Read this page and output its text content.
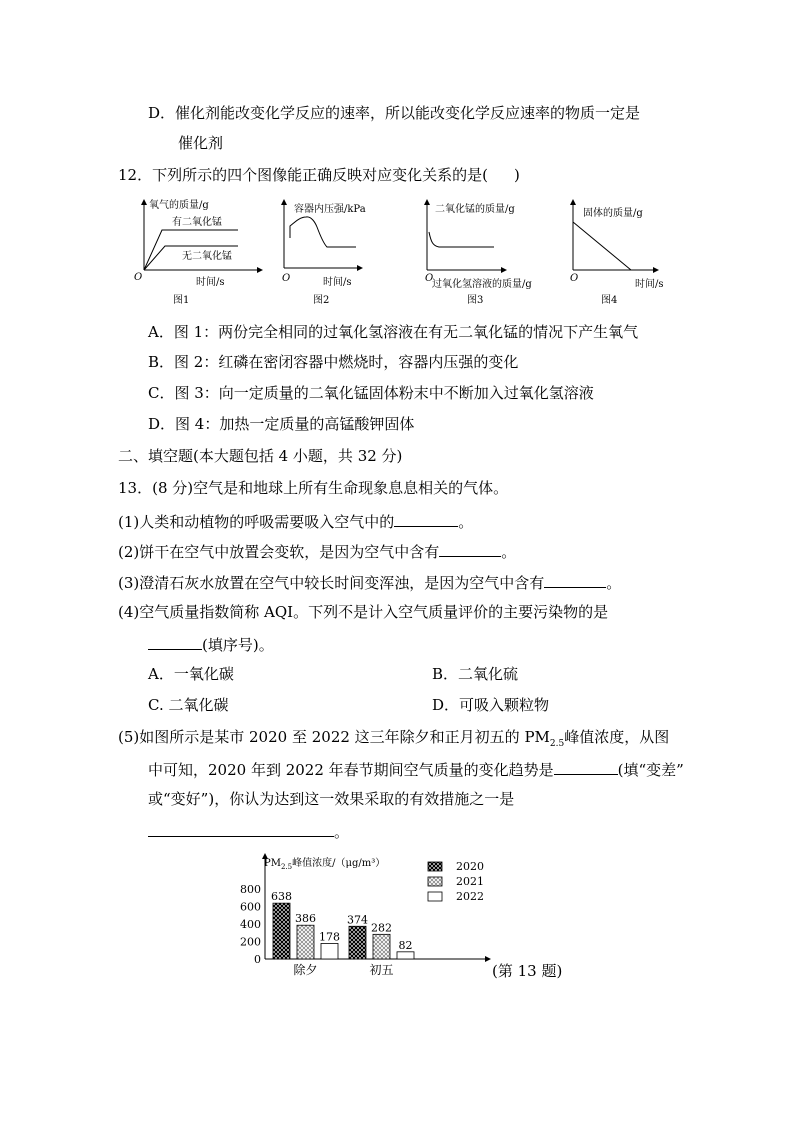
D．催化剂能改变化学反应的速率，所以能改变化学反应速率的物质一定是
催化剂
12．下列所示的四个图像能正确反映对应变化关系的是( )
氧气的质量/g
有二氧化锰
无二氧化锰
O	时间/s
图1
容器内压强/kPa
O	时间/s
图2
二氧化锰的质量/g
O
过氧化氢溶液的质量/g
图3
固体的质量/g
O
时间/s
图4
A．图 1：两份完全相同的过氧化氢溶液在有无二氧化锰的情况下产生氧气
B．图 2：红磷在密闭容器中燃烧时，容器内压强的变化
C．图 3：向一定质量的二氧化锰固体粉末中不断加入过氧化氢溶液
D．图 4：加热一定质量的高锰酸钾固体
二、填空题(本大题包括 4 小题，共 32 分)
13．(8 分)空气是和地球上所有生命现象息息相关的气体。
(1)人类和动植物的呼吸需要吸入空气中的	。
(2)饼干在空气中放置会变软，是因为空气中含有	。
(3)澄清石灰水放置在空气中较长时间变浑浊，是因为空气中含有	。
(4)空气质量指数简称 AQI。下列不是计入空气质量评价的主要污染物的是
(填序号)。
A．一氧化碳	B．二氧化硫
C. 二氧化碳	D．可吸入颗粒物
(5)如图所示是某市 2020 至 2022 这三年除夕和正月初五的 $PM_{2.5}$峰值浓度，从图
中可知，2020 年到 2022 年春节期间空气质量的变化趋势是	(填“变差”
或“变好”)，你认为达到这一效果采取的有效措施之一是
。
$PM_{2.5}$峰值浓度/（μg/m³）
0
200
400
600
800
638
386
178
374
282
82
除夕	初五
2020
2021
2022
(第 13 题)
